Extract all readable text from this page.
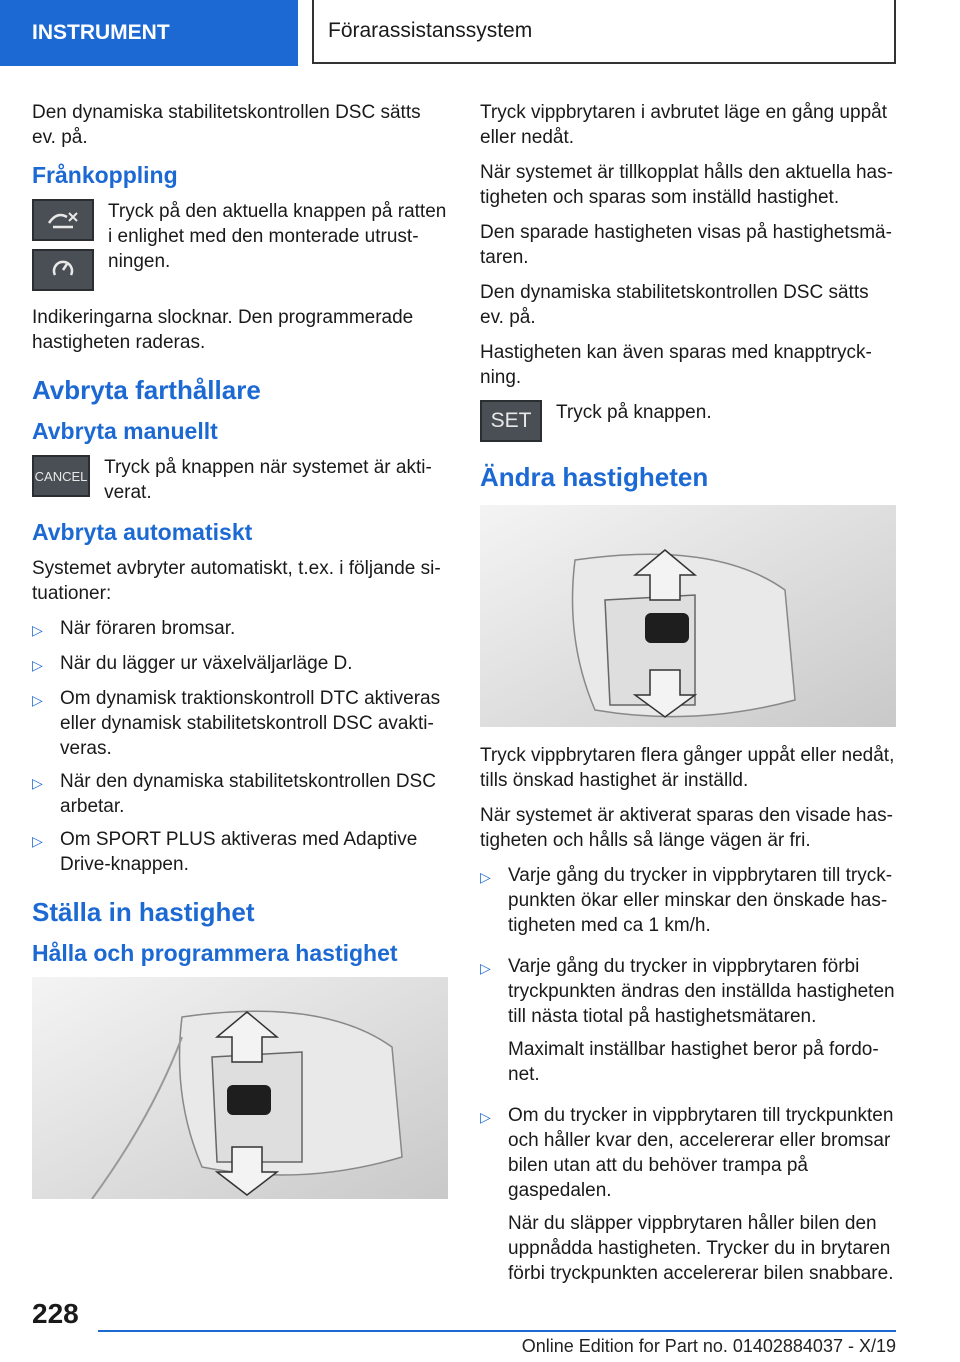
INSTRUMENT	Förarassistanssystem

Den dynamiska stabilitetskontrollen DSC sätts ev. på.

Frånkoppling

Tryck på den aktuella knappen på ratten i enlighet med den monterade utrustningen.

Indikeringarna slocknar. Den programmerade hastigheten raderas.

Avbryta farthållare
Avbryta manuellt
CANCEL Tryck på knappen när systemet är aktiverat.

Avbryta automatiskt

Systemet avbryter automatiskt, t.ex. i följande situationer:

▷ När föraren bromsar.
▷ När du lägger ur växelväljarläge D.
▷ Om dynamisk traktionskontroll DTC aktiveras eller dynamisk stabilitetskontroll DSC avaktiveras.
▷ När den dynamiska stabilitetskontrollen DSC arbetar.
▷ Om SPORT PLUS aktiveras med Adaptive Drive-knappen.
Ställa in hastighet
Hålla och programmera hastighet

Tryck vippbrytaren i avbrutet läge en gång uppåt eller nedåt.

När systemet är tillkopplat hålls den aktuella hastigheten och sparas som inställd hastighet.

Den sparade hastigheten visas på hastighetsmätaren.

Den dynamiska stabilitetskontrollen DSC sätts ev. på.

Hastigheten kan även sparas med knapptryckning.

SET	Tryck på knappen.

Ändra hastigheten

Tryck vippbrytaren flera gånger uppåt eller nedåt, tills önskad hastighet är inställd.

När systemet är aktiverat sparas den visade hastigheten och hålls så länge vägen är fri.

▷ Varje gång du trycker in vippbrytaren till tryckpunkten ökar eller minskar den önskade hastigheten med ca 1 km/h.

▷ Varje gång du trycker in vippbrytaren förbi tryckpunkten ändras den inställda hastigheten till nästa tiotal på hastighetsmätaren.

Maximalt inställbar hastighet beror på fordonet.

▷ Om du trycker in vippbrytaren till tryckpunkten och håller kvar den, accelererar eller bromsar bilen utan att du behöver trampa på gaspedalen.

När du släpper vippbrytaren håller bilen den uppnådda hastigheten. Trycker du in brytaren förbi tryckpunkten accelererar bilen snabbare.

228
Online Edition for Part no. 01402884037 - X/19
